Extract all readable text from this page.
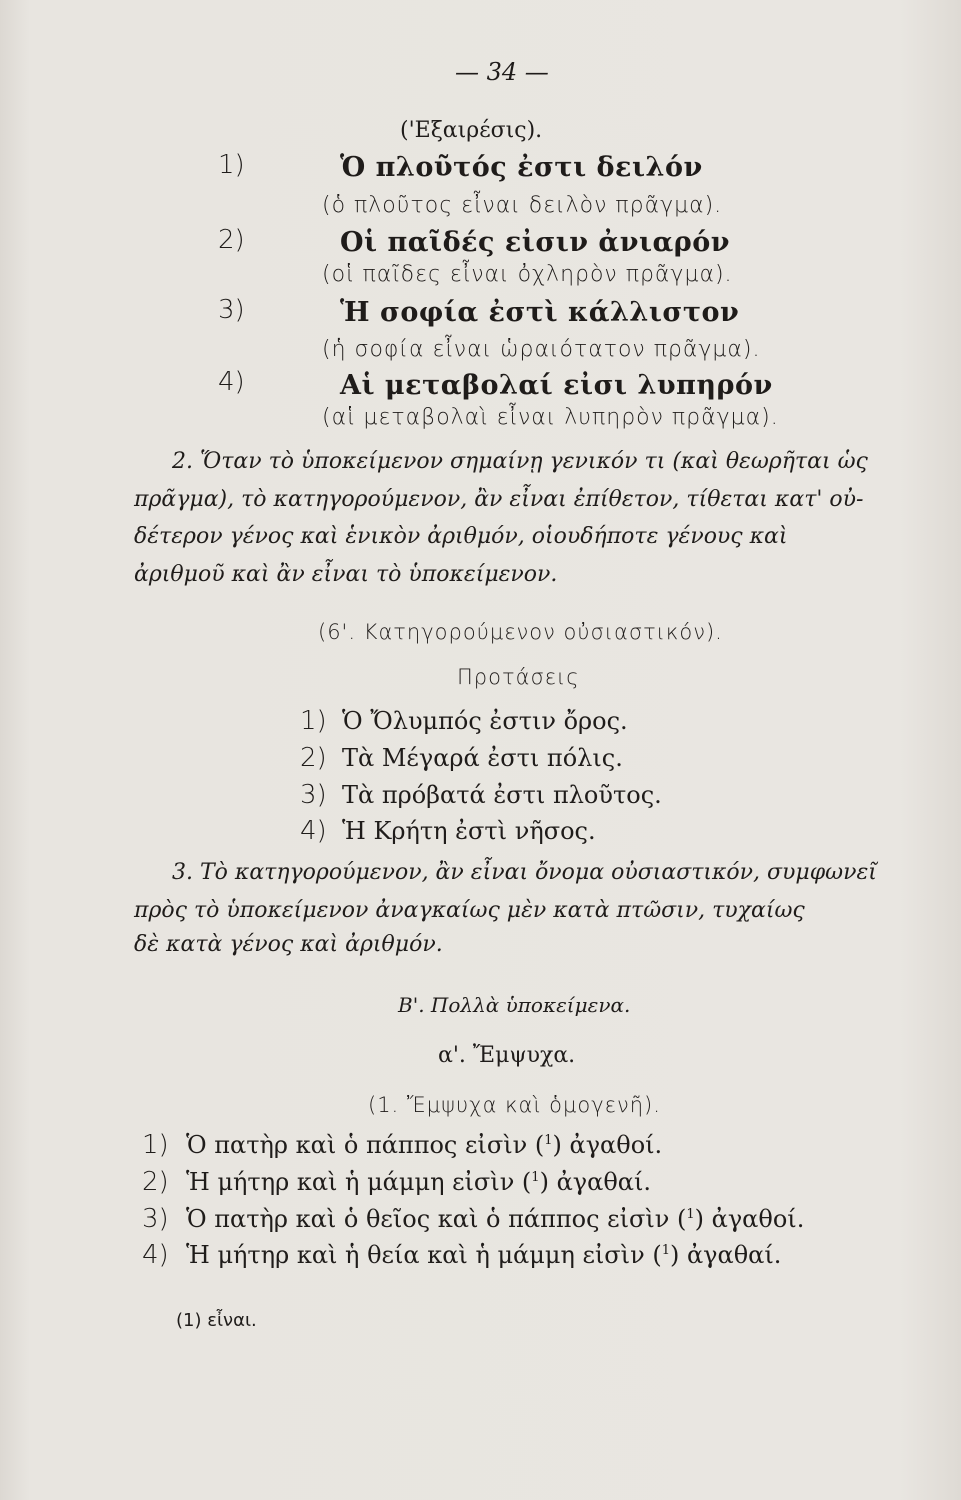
— 34 —
('Εξαιρέσις).
1)	Ὁ πλοῦτός ἐστι δειλόν
(ὁ πλοῦτος εἶναι δειλὸν πρᾶγμα).
2)	Οἱ παῖδές εἰσιν ἀνιαρόν
(οἱ παῖδες εἶναι ὀχληρὸν πρᾶγμα).
3)	Ἡ σοφία ἐστὶ κάλλιστον
(ἡ σοφία εἶναι ὡραιότατον πρᾶγμα).
4)	Αἱ μεταβολαί εἰσι λυπηρόν
(αἱ μεταβολαὶ εἶναι λυπηρὸν πρᾶγμα).
2. Ὅταν τὸ ὑποκείμενον σημαίνῃ γενικόν τι (καὶ θεωρῆται ὡς
πρᾶγμα), τὸ κατηγορούμενον, ἂν εἶναι ἐπίθετον, τίθεται κατ' οὐ-
δέτερον γένος καὶ ἑνικὸν ἀριθμόν, οἱουδήποτε γένους καὶ
ἀριθμοῦ καὶ ἂν εἶναι τὸ ὑποκείμενον.
(6'. Κατηγορούμενον οὐσιαστικόν).
Προτάσεις
1) Ὁ Ὄλυμπός ἐστιν ὄρος.
2) Τὰ Μέγαρά ἐστι πόλις.
3) Τὰ πρόβατά ἐστι πλοῦτος.
4) Ἡ Κρήτη ἐστὶ νῆσος.
3. Τὸ κατηγορούμενον, ἂν εἶναι ὄνομα οὐσιαστικόν, συμφωνεῖ
πρὸς τὸ ὑποκείμενον ἀναγκαίως μὲν κατὰ πτῶσιν, τυχαίως
δὲ κατὰ γένος καὶ ἀριθμόν.
Β'. Πολλὰ ὑποκείμενα.
α'. Ἔμψυχα.
(1. Ἔμψυχα καὶ ὁμογενῆ).
1) Ὁ πατὴρ καὶ ὁ πάππος εἰσὶν ($^1$) ἀγαθοί.
2) Ἡ μήτηρ καὶ ἡ μάμμη εἰσὶν ($^1$) ἀγαθαί.
3) Ὁ πατὴρ καὶ ὁ θεῖος καὶ ὁ πάππος εἰσὶν ($^1$) ἀγαθοί.
4) Ἡ μήτηρ καὶ ἡ θεία καὶ ἡ μάμμη εἰσὶν ($^1$) ἀγαθαί.
(1) εἶναι.
